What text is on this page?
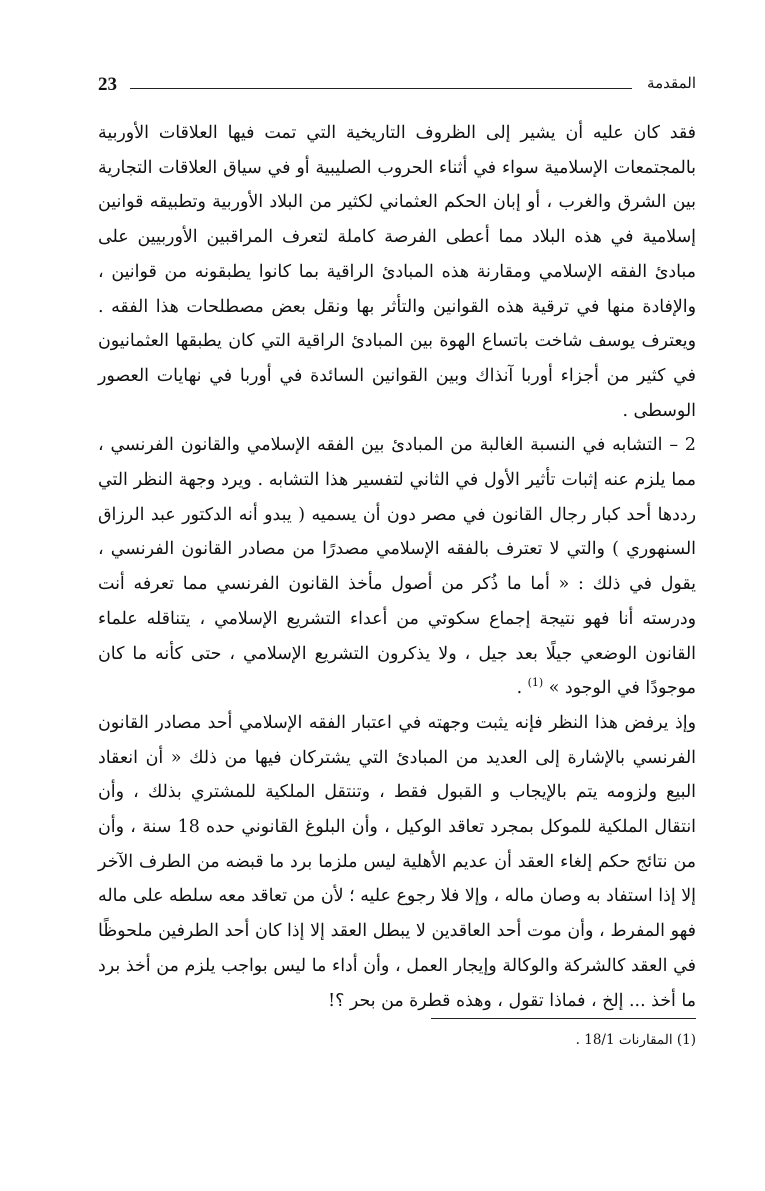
23	المقدمة

فقد كان عليه أن يشير إلى الظروف التاريخية التي تمت فيها العلاقات الأوربية بالمجتمعات الإسلامية سواء في أثناء الحروب الصليبية أو في سياق العلاقات التجارية بين الشرق والغرب ، أو إبان الحكم العثماني لكثير من البلاد الأوربية وتطبيقه قوانين إسلامية في هذه البلاد مما أعطى الفرصة كاملة لتعرف المراقبين الأوربيين على مبادئ الفقه الإسلامي ومقارنة هذه المبادئ الراقية بما كانوا يطبقونه من قوانين ، والإفادة منها في ترقية هذه القوانين والتأثر بها ونقل بعض مصطلحات هذا الفقه . ويعترف يوسف شاخت باتساع الهوة بين المبادئ الراقية التي كان يطبقها العثمانيون في كثير من أجزاء أوربا آنذاك وبين القوانين السائدة في أوربا في نهايات العصور الوسطى .

2 – التشابه في النسبة الغالبة من المبادئ بين الفقه الإسلامي والقانون الفرنسي ، مما يلزم عنه إثبات تأثير الأول في الثاني لتفسير هذا التشابه . ويرد وجهة النظر التي رددها أحد كبار رجال القانون في مصر دون أن يسميه ( يبدو أنه الدكتور عبد الرزاق السنهوري ) والتي لا تعترف بالفقه الإسلامي مصدرًا من مصادر القانون الفرنسي ، يقول في ذلك : « أما ما ذُكر من أصول مأخذ القانون الفرنسي مما تعرفه أنت ودرسته أنا فهو نتيجة إجماع سكوتي من أعداء التشريع الإسلامي ، يتناقله علماء القانون الوضعي جيلًا بعد جيل ، ولا يذكرون التشريع الإسلامي ، حتى كأنه ما كان موجودًا في الوجود » $^{(1)}$ .

وإذ يرفض هذا النظر فإنه يثبت وجهته في اعتبار الفقه الإسلامي أحد مصادر القانون الفرنسي بالإشارة إلى العديد من المبادئ التي يشتركان فيها من ذلك « أن انعقاد البيع ولزومه يتم بالإيجاب و القبول فقط ، وتنتقل الملكية للمشتري بذلك ، وأن انتقال الملكية للموكل بمجرد تعاقد الوكيل ، وأن البلوغ القانوني حده 18 سنة ، وأن من نتائج حكم إلغاء العقد أن عديم الأهلية ليس ملزما برد ما قبضه من الطرف الآخر إلا إذا استفاد به وصان ماله ، وإلا فلا رجوع عليه ؛ لأن من تعاقد معه سلطه على ماله فهو المفرط ، وأن موت أحد العاقدين لا يبطل العقد إلا إذا كان أحد الطرفين ملحوظًا في العقد كالشركة والوكالة وإيجار العمل ، وأن أداء ما ليس بواجب يلزم من أخذ برد ما أخذ ... إلخ ، فماذا تقول ، وهذه قطرة من بحر ؟!

(1) المقارنات 18/1 .
